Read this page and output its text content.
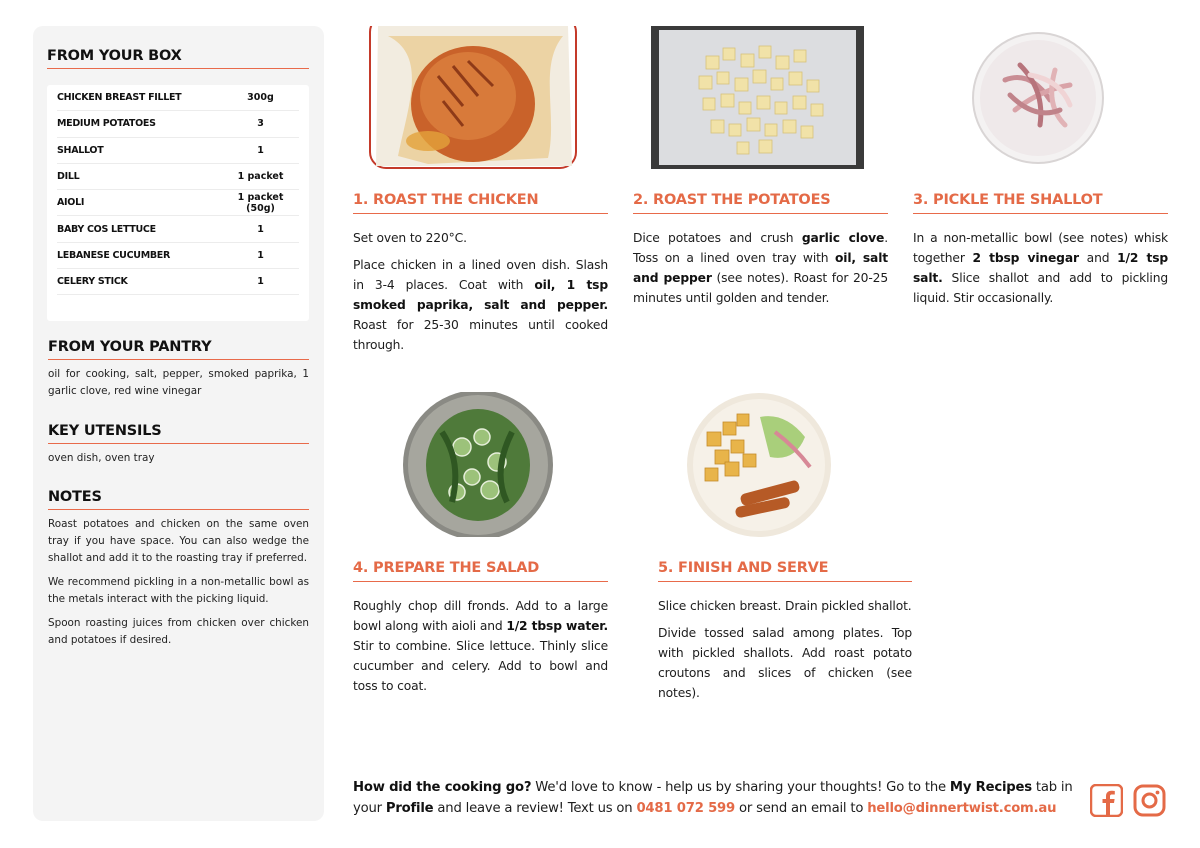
FROM YOUR BOX
CHICKEN BREAST FILLET	300g
MEDIUM POTATOES	3
SHALLOT	1
DILL	1 packet
AIOLI	1 packet (50g)
BABY COS LETTUCE	1
LEBANESE CUCUMBER	1
CELERY STICK	1
FROM YOUR PANTRY
oil for cooking, salt, pepper, smoked paprika, 1 garlic clove, red wine vinegar
KEY UTENSILS
oven dish, oven tray
NOTES

Roast potatoes and chicken on the same oven tray if you have space. You can also wedge the shallot and add it to the roasting tray if preferred.

We recommend pickling in a non-metallic bowl as the metals interact with the picking liquid.

Spoon roasting juices from chicken over chicken and potatoes if desired.

1. ROAST THE CHICKEN

Set oven to 220°C.

Place chicken in a lined oven dish. Slash in 3-4 places. Coat with oil, 1 tsp smoked paprika, salt and pepper. Roast for 25-30 minutes until cooked through.

2. ROAST THE POTATOES

Dice potatoes and crush garlic clove. Toss on a lined oven tray with oil, salt and pepper (see notes). Roast for 20-25 minutes until golden and tender.

3. PICKLE THE SHALLOT

In a non-metallic bowl (see notes) whisk together 2 tbsp vinegar and 1/2 tsp salt. Slice shallot and add to pickling liquid. Stir occasionally.

4. PREPARE THE SALAD

Roughly chop dill fronds. Add to a large bowl along with aioli and 1/2 tbsp water. Stir to combine. Slice lettuce. Thinly slice cucumber and celery. Add to bowl and toss to coat.

5. FINISH AND SERVE

Slice chicken breast. Drain pickled shallot.

Divide tossed salad among plates. Top with pickled shallots. Add roast potato croutons and slices of chicken (see notes).

How did the cooking go? We'd love to know - help us by sharing your thoughts! Go to the My Recipes tab in your Profile and leave a review! Text us on 0481 072 599 or send an email to hello@dinnertwist.com.au
